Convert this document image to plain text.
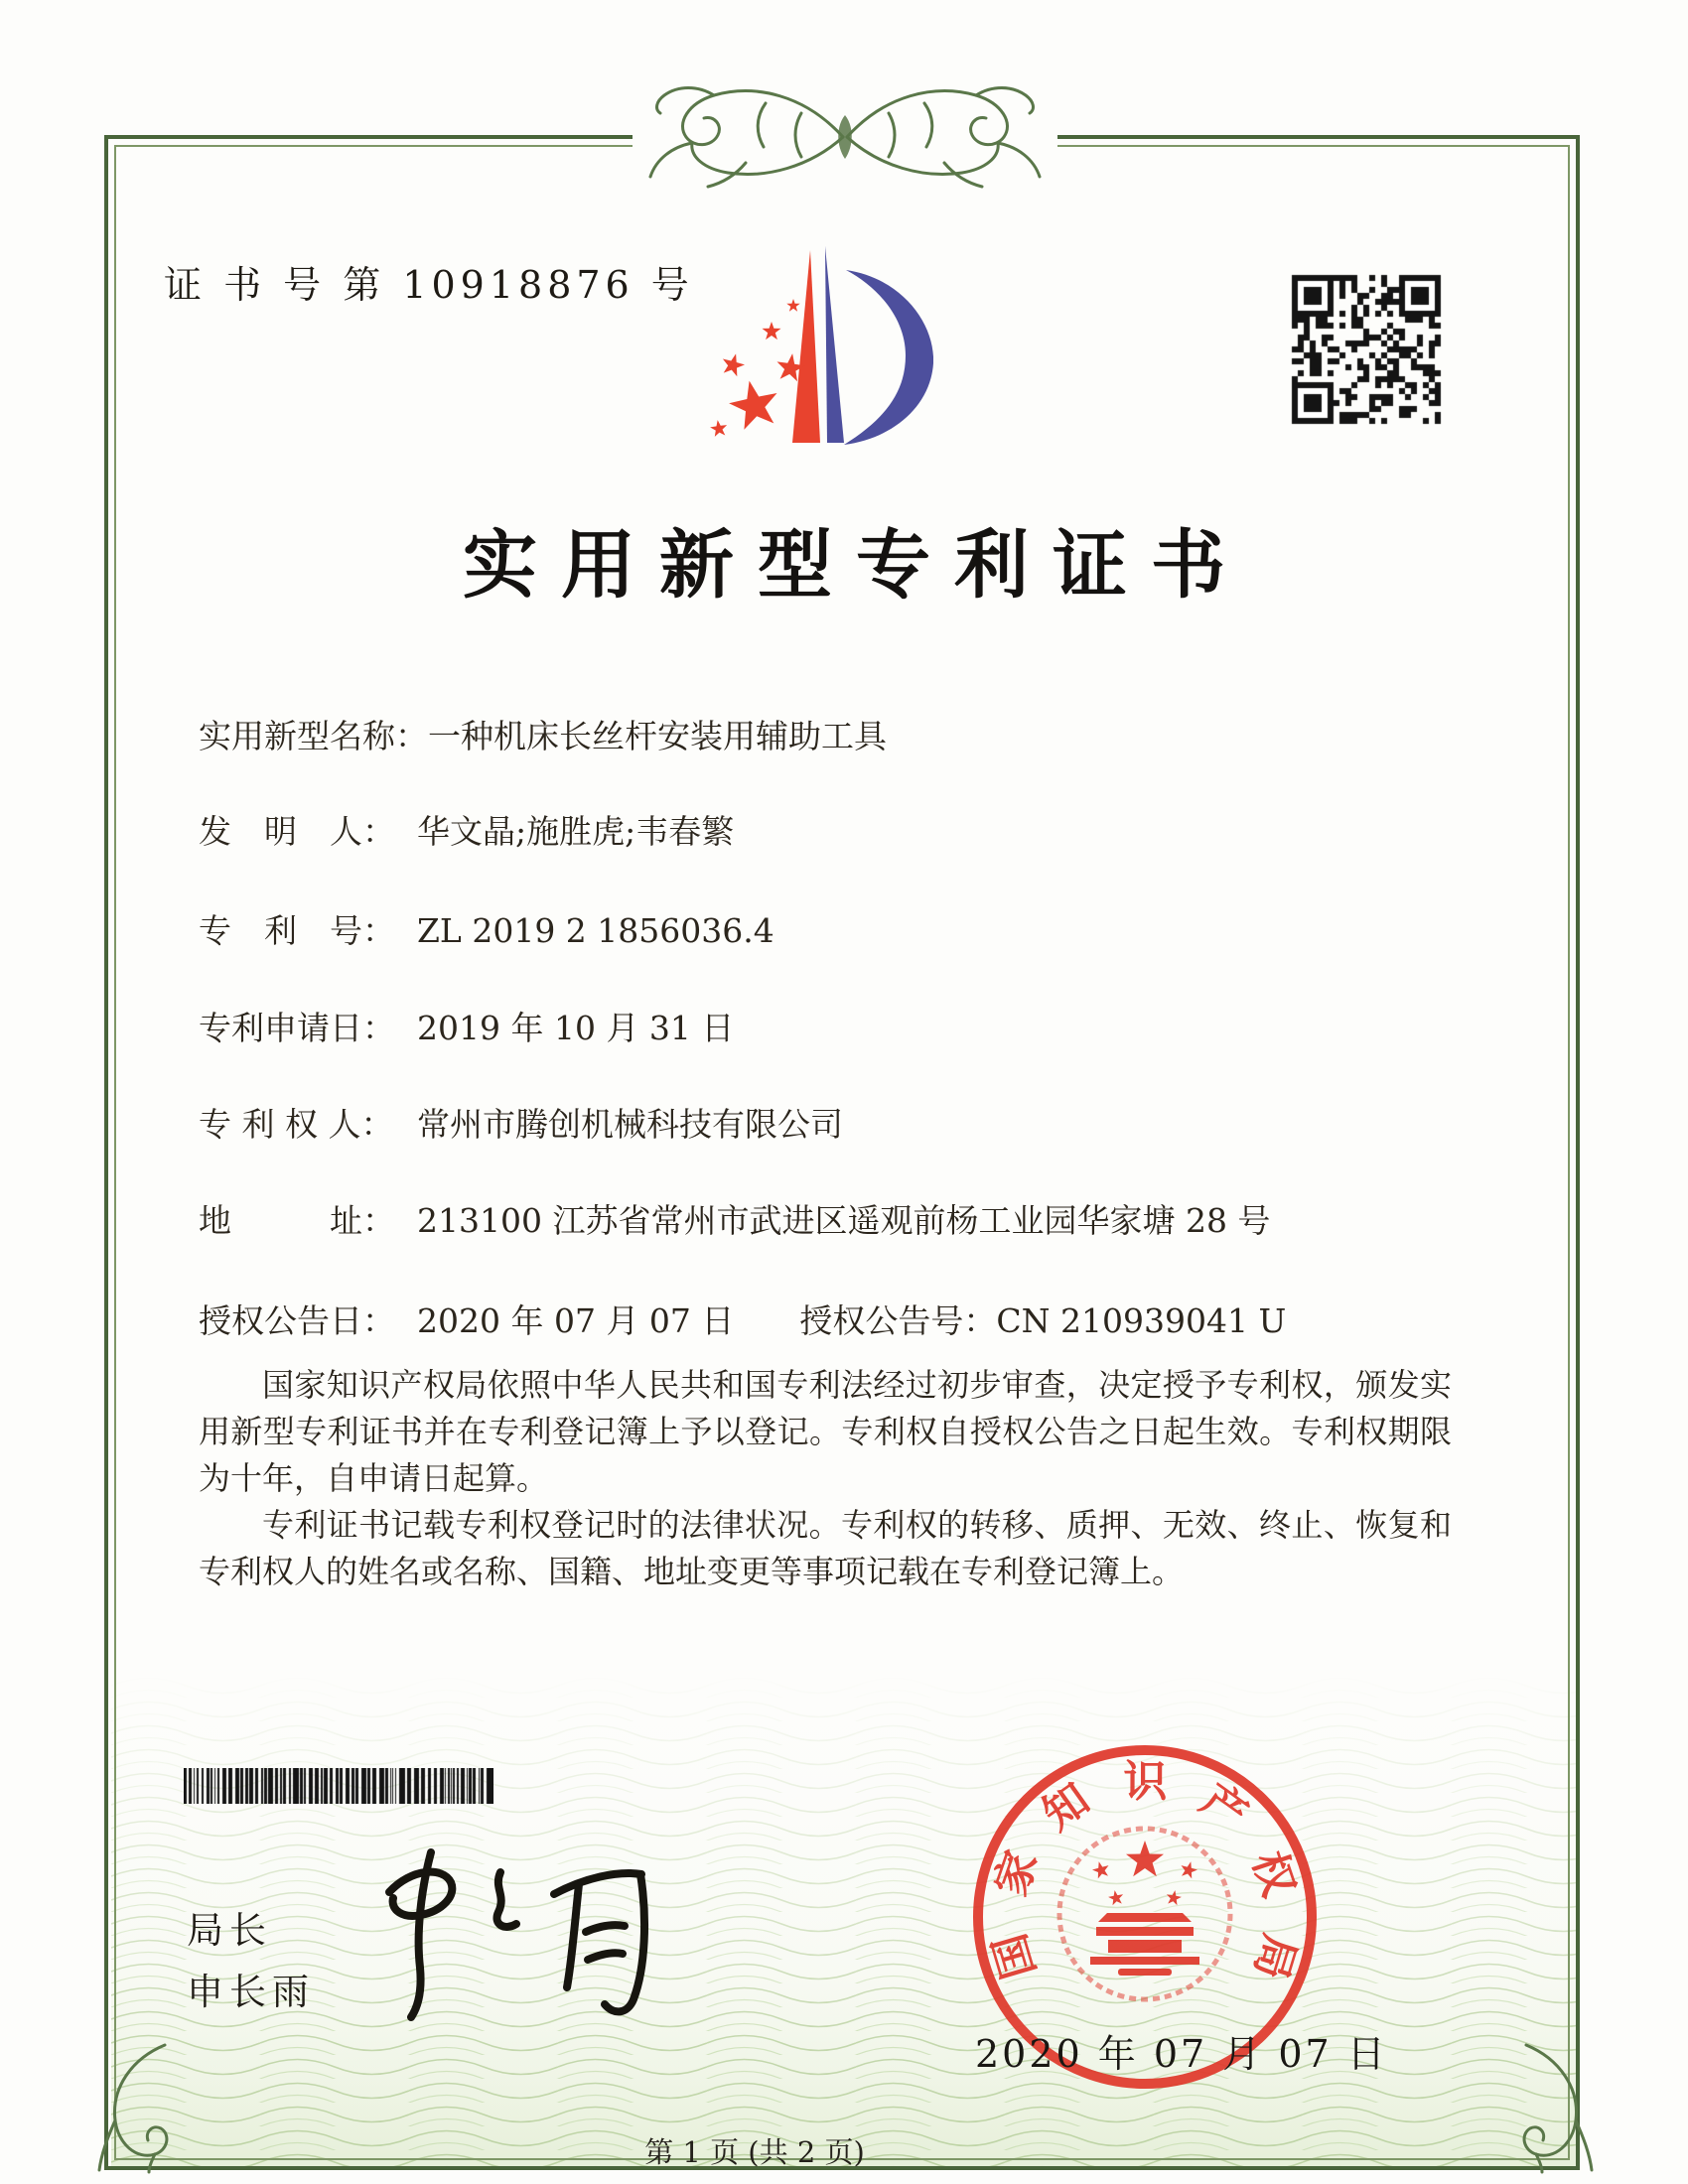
证 书 号 第 10918876 号
实用新型专利证书
实用新型名称：一种机床长丝杆安装用辅助工具
发　明　人： 华文晶;施胜虎;韦春繁
专　利　号： ZL 2019 2 1856036.4
专利申请日： 2019 年 10 月 31 日
专 利 权 人： 常州市腾创机械科技有限公司
地　　　址： 213100 江苏省常州市武进区遥观前杨工业园华家塘 28 号
授权公告日： 2020 年 07 月 07 日 授权公告号：CN 210939041 U

国家知识产权局依照中华人民共和国专利法经过初步审查，决定授予专利权，颁发实用新型专利证书并在专利登记簿上予以登记。专利权自授权公告之日起生效。专利权期限为十年，自申请日起算。

专利证书记载专利权登记时的法律状况。专利权的转移、质押、无效、终止、恢复和专利权人的姓名或名称、国籍、地址变更等事项记载在专利登记簿上。

局长
申长雨
国家知识产权局
2020 年 07 月 07 日
第 1 页 (共 2 页)
